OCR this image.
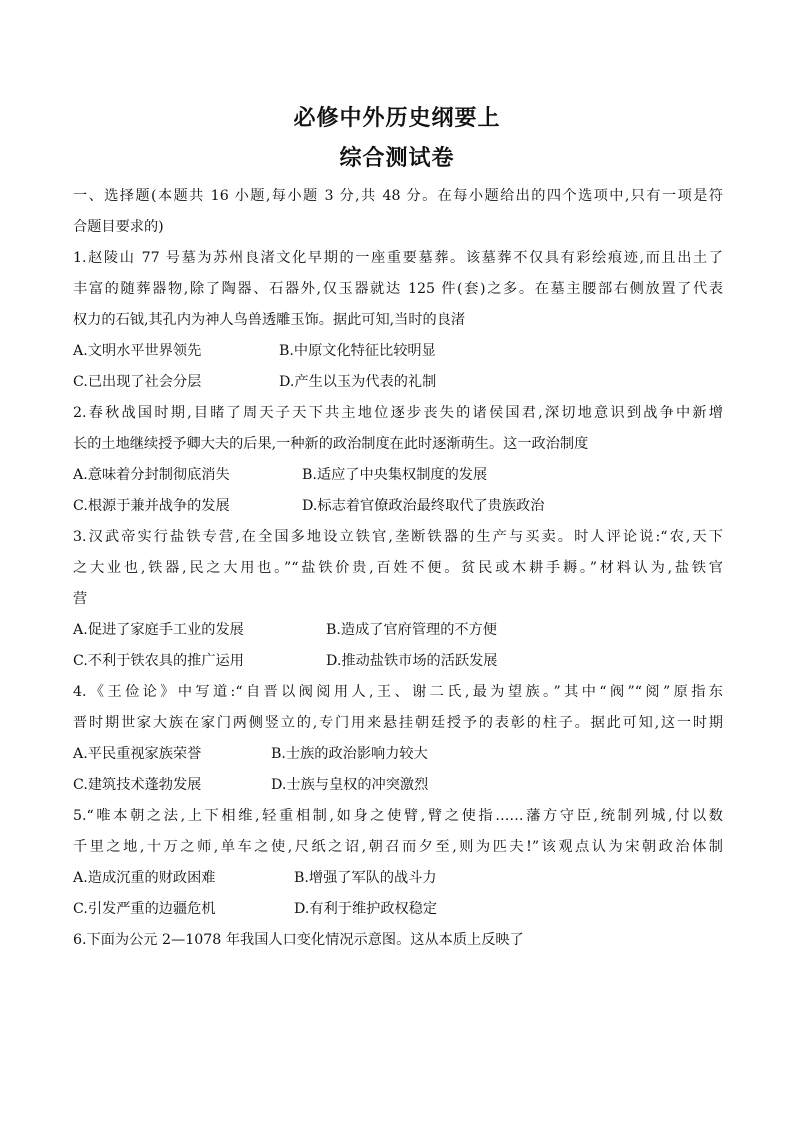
必修中外历史纲要上
综合测试卷
一、选择题(本题共 16 小题,每小题 3 分,共 48 分。在每小题给出的四个选项中,只有一项是符
合题目要求的)
1.赵陵山 77 号墓为苏州良渚文化早期的一座重要墓葬。该墓葬不仅具有彩绘痕迹,而且出土了
丰富的随葬器物,除了陶器、石器外,仅玉器就达 125 件(套)之多。在墓主腰部右侧放置了代表
权力的石钺,其孔内为神人鸟兽透雕玉饰。据此可知,当时的良渚
A.文明水平世界领先	B.中原文化特征比较明显
C.已出现了社会分层	D.产生以玉为代表的礼制
2.春秋战国时期,目睹了周天子天下共主地位逐步丧失的诸侯国君,深切地意识到战争中新增
长的土地继续授予卿大夫的后果,一种新的政治制度在此时逐渐萌生。这一政治制度
A.意味着分封制彻底消失	B.适应了中央集权制度的发展
C.根源于兼并战争的发展	D.标志着官僚政治最终取代了贵族政治
3.汉武帝实行盐铁专营,在全国多地设立铁官,垄断铁器的生产与买卖。时人评论说:“农,天下
之大业也,铁器,民之大用也。”“盐铁价贵,百姓不便。贫民或木耕手耨。”材料认为,盐铁官
营
A.促进了家庭手工业的发展	B.造成了官府管理的不方便
C.不利于铁农具的推广运用	D.推动盐铁市场的活跃发展
4.《王俭论》中写道:“自晋以阀阅用人,王、谢二氏,最为望族。”其中“阀”“阅”原指东
晋时期世家大族在家门两侧竖立的,专门用来悬挂朝廷授予的表彰的柱子。据此可知,这一时期
A.平民重视家族荣誉	B.士族的政治影响力较大
C.建筑技术蓬勃发展	D.士族与皇权的冲突激烈
5.“唯本朝之法,上下相维,轻重相制,如身之使臂,臂之使指……藩方守臣,统制列城,付以数
千里之地,十万之师,单车之使,尺纸之诏,朝召而夕至,则为匹夫!”该观点认为宋朝政治体制
A.造成沉重的财政困难	B.增强了军队的战斗力
C.引发严重的边疆危机	D.有利于维护政权稳定
6.下面为公元 2—1078 年我国人口变化情况示意图。这从本质上反映了
